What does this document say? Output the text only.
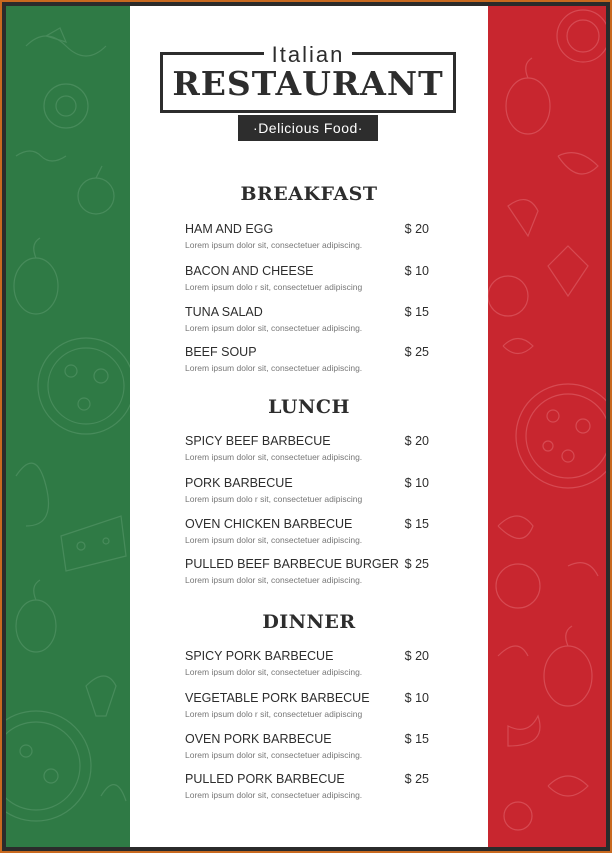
Italian
RESTAURANT
·Delicious Food·
BREAKFAST
HAM AND EGG	$ 20
Lorem ipsum dolor sit, consectetuer adipiscing.
BACON AND CHEESE	$ 10
Lorem ipsum dolo r sit, consectetuer adipiscing
TUNA SALAD	$ 15
Lorem ipsum dolor sit, consectetuer adipiscing.
BEEF SOUP	$ 25
Lorem ipsum dolor sit, consectetuer adipiscing.
LUNCH
SPICY BEEF BARBECUE	$ 20
Lorem ipsum dolor sit, consectetuer adipiscing.
PORK BARBECUE	$ 10
Lorem ipsum dolo r sit, consectetuer adipiscing
OVEN CHICKEN BARBECUE	$ 15
Lorem ipsum dolor sit, consectetuer adipiscing.
PULLED BEEF BARBECUE BURGER $ 25
Lorem ipsum dolor sit, consectetuer adipiscing.
DINNER
SPICY PORK BARBECUE	$ 20
Lorem ipsum dolor sit, consectetuer adipiscing.
VEGETABLE PORK BARBECUE	$ 10
Lorem ipsum dolo r sit, consectetuer adipiscing
OVEN PORK BARBECUE	$ 15
Lorem ipsum dolor sit, consectetuer adipiscing.
PULLED PORK BARBECUE	$ 25
Lorem ipsum dolor sit, consectetuer adipiscing.
